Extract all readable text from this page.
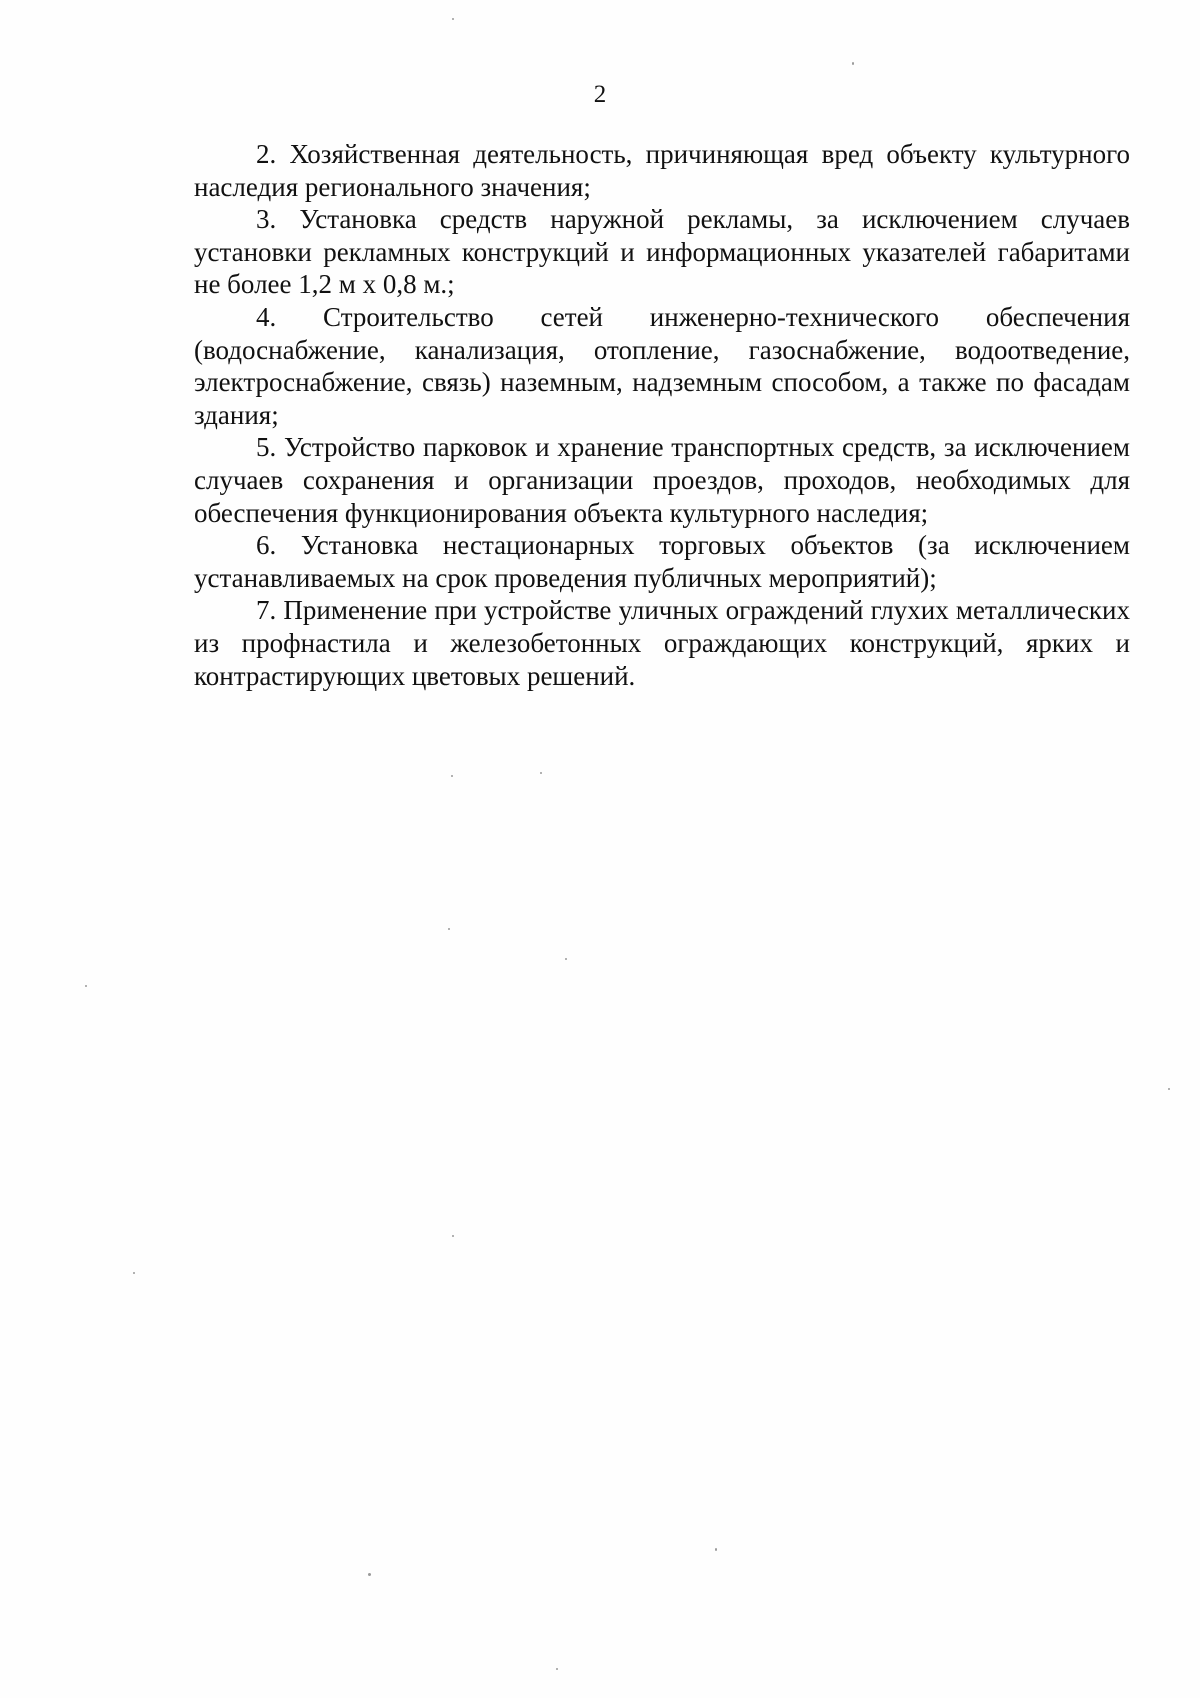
2

2. Хозяйственная деятельность, причиняющая вред объекту культурного наследия регионального значения;

3. Установка средств наружной рекламы, за исключением случаев установки рекламных конструкций и информационных указателей габаритами не более 1,2 м х 0,8 м.;

4. Строительство сетей инженерно-технического обеспечения (водоснабжение, канализация, отопление, газоснабжение, водоотведение, электроснабжение, связь) наземным, надземным способом, а также по фасадам здания;

5. Устройство парковок и хранение транспортных средств, за исключением случаев сохранения и организации проездов, проходов, необходимых для обеспечения функционирования объекта культурного наследия;

6. Установка нестационарных торговых объектов (за исключением устанавливаемых на срок проведения публичных мероприятий);

7. Применение при устройстве уличных ограждений глухих металлических из профнастила и железобетонных ограждающих конструкций, ярких и контрастирующих цветовых решений.
